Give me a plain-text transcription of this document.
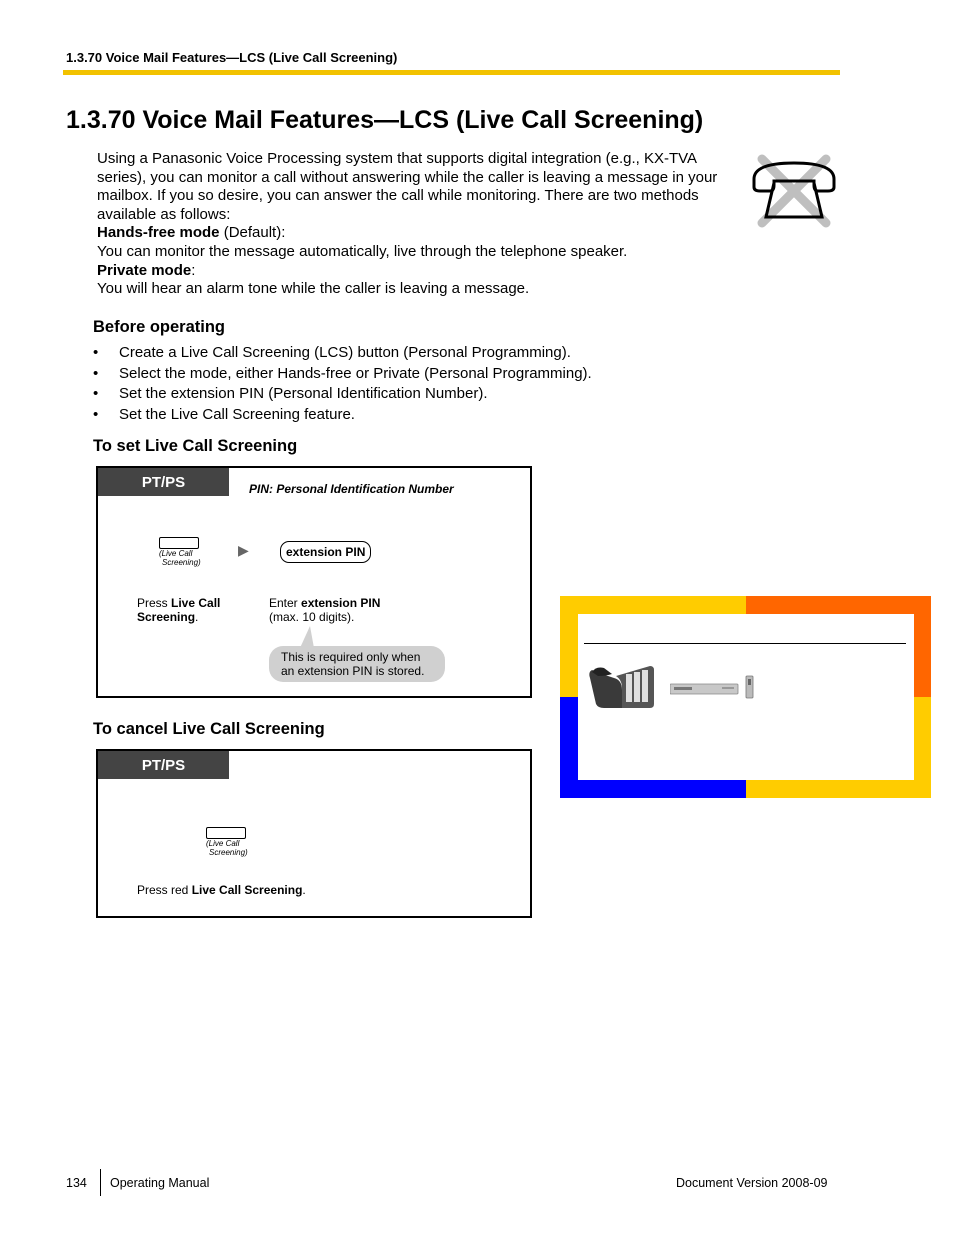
1.3.70 Voice Mail Features—LCS (Live Call Screening)
1.3.70 Voice Mail Features—LCS (Live Call Screening)

Using a Panasonic Voice Processing system that supports digital integration (e.g., KX-TVA series), you can monitor a call without answering while the caller is leaving a message in your mailbox. If you so desire, you can answer the call while monitoring. There are two methods available as follows:

Hands-free mode (Default):

You can monitor the message automatically, live through the telephone speaker.

Private mode:

You will hear an alarm tone while the caller is leaving a message.

Before operating
• Create a Live Call Screening (LCS) button (Personal Programming).
• Select the mode, either Hands-free or Private (Personal Programming).
• Set the extension PIN (Personal Identification Number).
• Set the Live Call Screening feature.
To set Live Call Screening
PT/PS	PIN: Personal Identification Number
(Live Call
Screening)
▶	extension PIN
Press Live Call Screening.
Enter extension PIN
(max. 10 digits).
This is required only when an extension PIN is stored.
To cancel Live Call Screening
PT/PS
(Live Call
Screening)
Press red Live Call Screening.
134 Operating Manual	Document Version 2008-09
